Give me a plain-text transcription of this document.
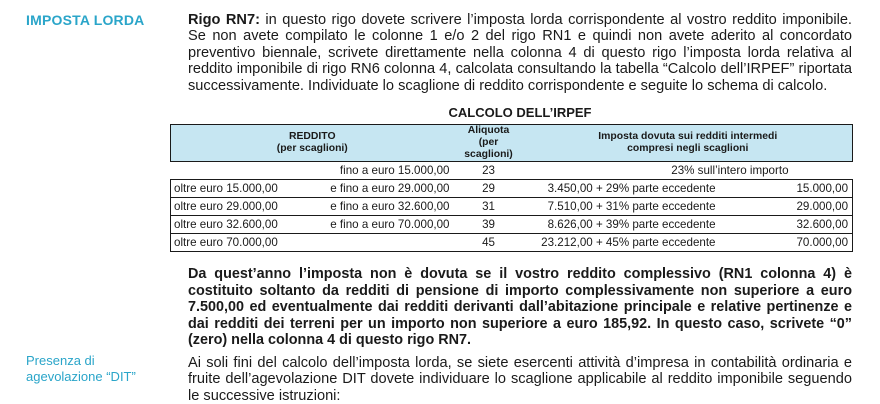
IMPOSTA LORDA	Rigo RN7: in questo rigo dovete scrivere l’imposta lorda corrispondente al vostro reddito imponibile. Se non avete compilato le colonne 1 e/o 2 del rigo RN1 e quindi non avete aderito al concordato preventivo biennale, scrivete direttamente nella colonna 4 di questo rigo l’imposta lorda relativa al reddito imponibile di rigo RN6 colonna 4, calcolata consultando la tabella “Calcolo dell’IRPEF” riportata successivamente. Individuate lo scaglione di reddito corrispondente e seguite lo schema di calcolo.

CALCOLO DELL’IRPEF
REDDITO
(per scaglioni)		Aliquota
(per scaglioni)	Imposta dovuta sui redditi intermedi
compresi negli scaglioni	
	fino a euro 15.000,00	23	23% sull’intero importo	
oltre euro 15.000,00	e fino a euro 29.000,00	29	3.450,00 + 29% parte eccedente	15.000,00
oltre euro 29.000,00	e fino a euro 32.600,00	31	7.510,00 + 31% parte eccedente	29.000,00
oltre euro 32.600,00	e fino a euro 70.000,00	39	8.626,00 + 39% parte eccedente	32.600,00
oltre euro 70.000,00		45	23.212,00 + 45% parte eccedente	70.000,00

Da quest’anno l’imposta non è dovuta se il vostro reddito complessivo (RN1 colonna 4) è costituito soltanto da redditi di pensione di importo complessivamente non superiore a euro 7.500,00 ed eventualmente dai redditi derivanti dall’abitazione principale e relative pertinenze e dai redditi dei terreni per un importo non superiore a euro 185,92. In questo caso, scrivete “0” (zero) nella colonna 4 di questo rigo RN7.

Presenza di agevolazione “DIT”

Ai soli fini del calcolo dell’imposta lorda, se siete esercenti attività d’impresa in contabilità ordinaria e
fruite dell’agevolazione DIT dovete individuare lo scaglione applicabile al reddito imponibile seguendo le successive istruzioni:
